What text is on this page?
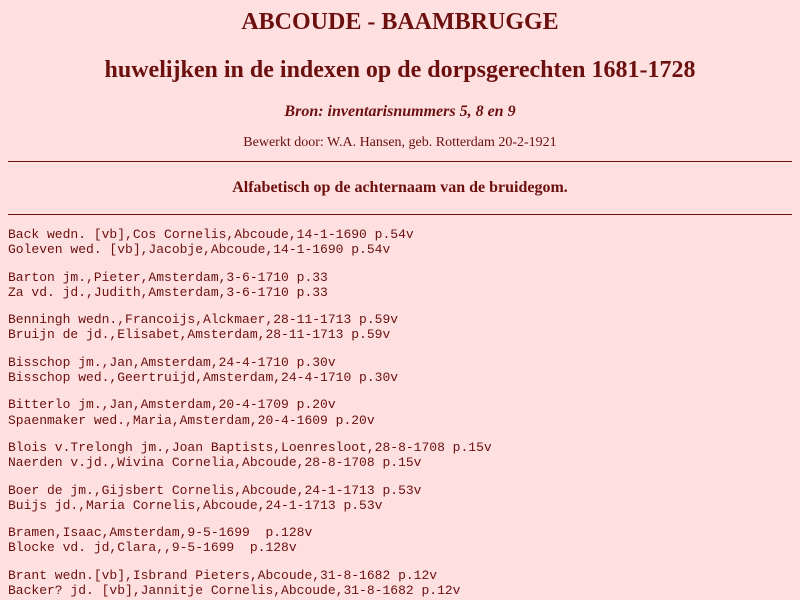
ABCOUDE - BAAMBRUGGE
huwelijken in de indexen op de dorpsgerechten 1681-1728
Bron: inventarisnummers 5, 8 en 9
Bewerkt door: W.A. Hansen, geb. Rotterdam 20-2-1921
Alfabetisch op de achternaam van de bruidegom.
Back wedn. [vb],Cos Cornelis,Abcoude,14-1-1690 p.54v
Goleven wed. [vb],Jacobje,Abcoude,14-1-1690 p.54v
Barton jm.,Pieter,Amsterdam,3-6-1710 p.33
Za vd. jd.,Judith,Amsterdam,3-6-1710 p.33
Benningh wedn.,Francoijs,Alckmaer,28-11-1713 p.59v
Bruijn de jd.,Elisabet,Amsterdam,28-11-1713 p.59v
Bisschop jm.,Jan,Amsterdam,24-4-1710 p.30v
Bisschop wed.,Geertruijd,Amsterdam,24-4-1710 p.30v
Bitterlo jm.,Jan,Amsterdam,20-4-1709 p.20v
Spaenmaker wed.,Maria,Amsterdam,20-4-1609 p.20v
Blois v.Trelongh jm.,Joan Baptists,Loenresloot,28-8-1708 p.15v
Naerden v.jd.,Wivina Cornelia,Abcoude,28-8-1708 p.15v
Boer de jm.,Gijsbert Cornelis,Abcoude,24-1-1713 p.53v
Buijs jd.,Maria Cornelis,Abcoude,24-1-1713 p.53v
Bramen,Isaac,Amsterdam,9-5-1699  p.128v
Blocke vd. jd,Clara,,9-5-1699  p.128v
Brant wedn.[vb],Isbrand Pieters,Abcoude,31-8-1682 p.12v
Backer? jd. [vb],Jannitje Cornelis,Abcoude,31-8-1682 p.12v
